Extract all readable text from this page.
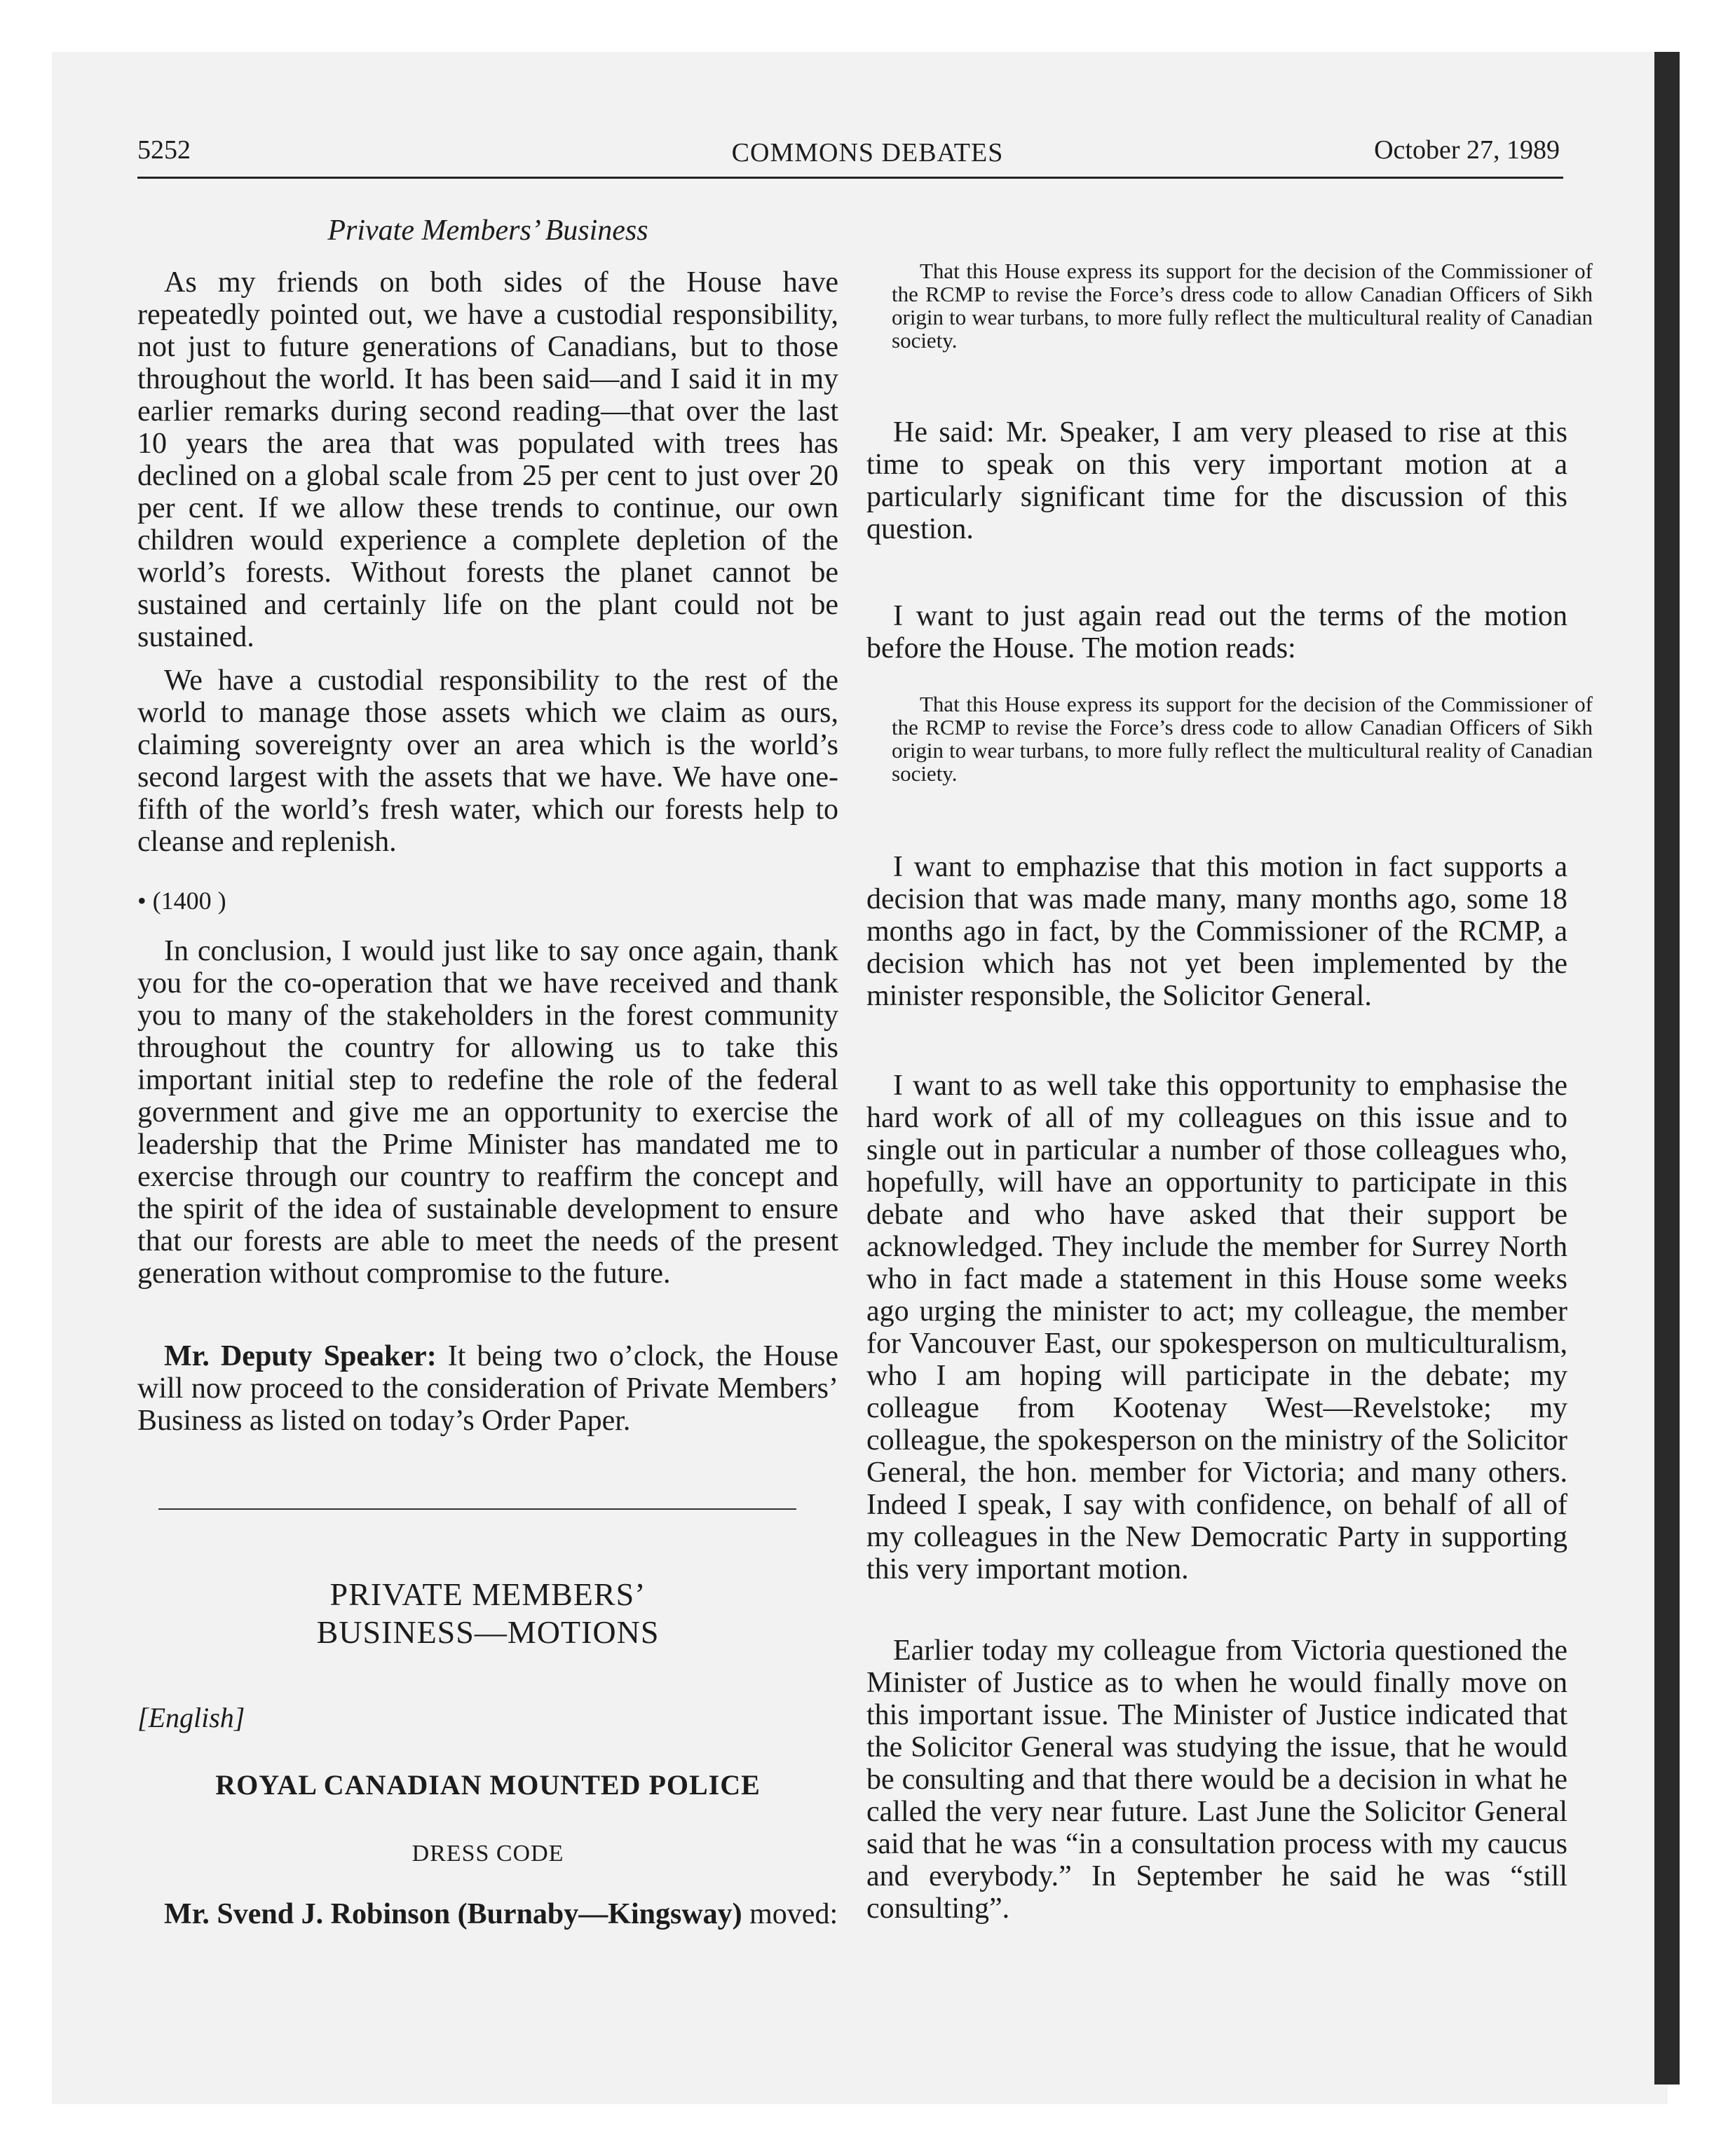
5252	COMMONS DEBATES	October 27, 1989
Private Members’ Business

As my friends on both sides of the House have repeatedly pointed out, we have a custodial responsibility, not just to future generations of Canadians, but to those throughout the world. It has been said—and I said it in my earlier remarks during second reading—that over the last 10 years the area that was populated with trees has declined on a global scale from 25 per cent to just over 20 per cent. If we allow these trends to continue, our own children would experience a complete depletion of the world’s forests. Without forests the planet cannot be sustained and certainly life on the plant could not be sustained.

We have a custodial responsibility to the rest of the world to manage those assets which we claim as ours, claiming sovereignty over an area which is the world’s second largest with the assets that we have. We have one-fifth of the world’s fresh water, which our forests help to cleanse and replenish.

• (1400 )

In conclusion, I would just like to say once again, thank you for the co-operation that we have received and thank you to many of the stakeholders in the forest community throughout the country for allowing us to take this important initial step to redefine the role of the federal government and give me an opportunity to exercise the leadership that the Prime Minister has mandated me to exercise through our country to reaffirm the concept and the spirit of the idea of sustainable development to ensure that our forests are able to meet the needs of the present generation without compromise to the future.

Mr. Deputy Speaker: It being two o’clock, the House will now proceed to the consideration of Private Members’ Business as listed on today’s Order Paper.

PRIVATE MEMBERS’
BUSINESS—MOTIONS
[English]
ROYAL CANADIAN MOUNTED POLICE
DRESS CODE

Mr. Svend J. Robinson (Burnaby—Kingsway) moved:

That this House express its support for the decision of the Commissioner of the RCMP to revise the Force’s dress code to allow Canadian Officers of Sikh origin to wear turbans, to more fully reflect the multicultural reality of Canadian society.

He said: Mr. Speaker, I am very pleased to rise at this time to speak on this very important motion at a particularly significant time for the discussion of this question.

I want to just again read out the terms of the motion before the House. The motion reads:

That this House express its support for the decision of the Commissioner of the RCMP to revise the Force’s dress code to allow Canadian Officers of Sikh origin to wear turbans, to more fully reflect the multicultural reality of Canadian society.

I want to emphazise that this motion in fact supports a decision that was made many, many months ago, some 18 months ago in fact, by the Commissioner of the RCMP, a decision which has not yet been implemented by the minister responsible, the Solicitor General.

I want to as well take this opportunity to emphasise the hard work of all of my colleagues on this issue and to single out in particular a number of those colleagues who, hopefully, will have an opportunity to participate in this debate and who have asked that their support be acknowledged. They include the member for Surrey North who in fact made a statement in this House some weeks ago urging the minister to act; my colleague, the member for Vancouver East, our spokesperson on multiculturalism, who I am hoping will participate in the debate; my colleague from Kootenay West—Revelstoke; my colleague, the spokesperson on the ministry of the Solicitor General, the hon. member for Victoria; and many others. Indeed I speak, I say with confidence, on behalf of all of my colleagues in the New Democratic Party in supporting this very important motion.

Earlier today my colleague from Victoria questioned the Minister of Justice as to when he would finally move on this important issue. The Minister of Justice indicated that the Solicitor General was studying the issue, that he would be consulting and that there would be a decision in what he called the very near future. Last June the Solicitor General said that he was “in a consultation process with my caucus and everybody.” In September he said he was “still consulting”.
